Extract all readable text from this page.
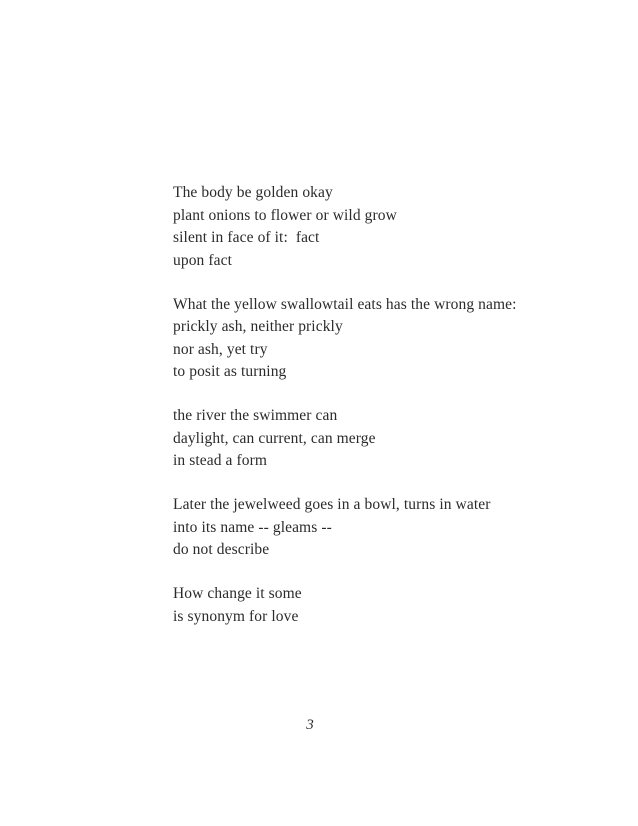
The body be golden okay
plant onions to flower or wild grow
silent in face of it:  fact
upon fact
What the yellow swallowtail eats has the wrong name:
prickly ash, neither prickly
nor ash, yet try
to posit as turning
the river the swimmer can
daylight, can current, can merge
in stead a form
Later the jewelweed goes in a bowl, turns in water
into its name -- gleams --
do not describe
How change it some
is synonym for love
3
